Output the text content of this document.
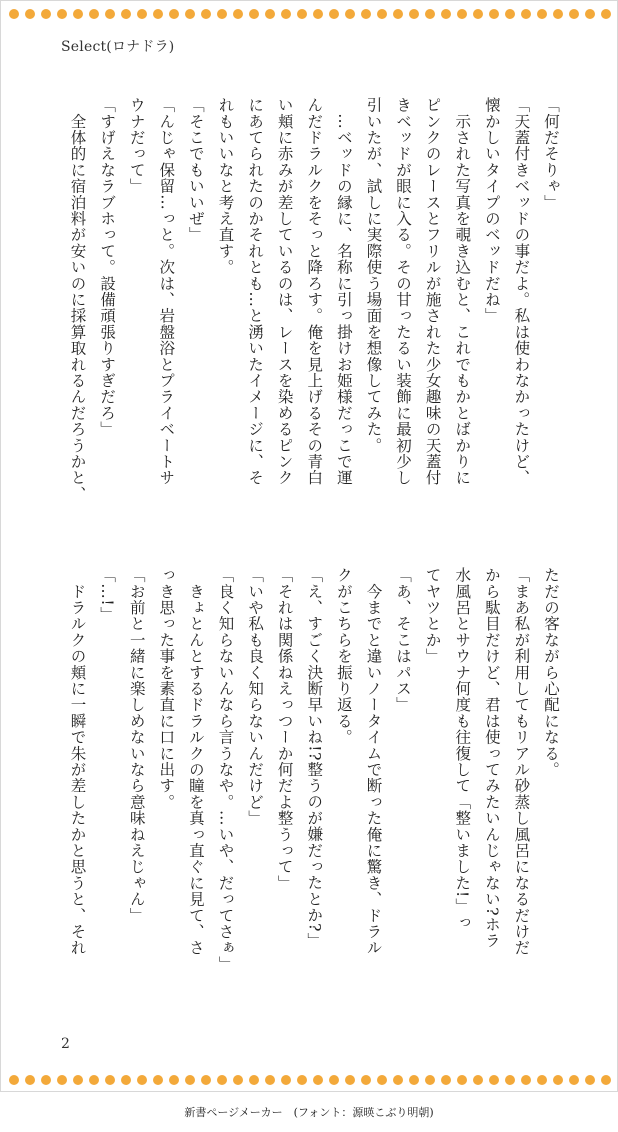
Select(ロナドラ)
「何だそりゃ」
「天蓋付きベッドの事だよ。私は使わなかったけど、
懐かしいタイプのベッドだね」
　示された写真を覗き込むと、これでもかとばかりに
ピンクのレースとフリルが施された少女趣味の天蓋付
きベッドが眼に入る。その甘ったるい装飾に最初少し
引いたが、試しに実際使う場面を想像してみた。
　…ベッドの縁に、名称に引っ掛けお姫様だっこで運
んだドラルクをそっと降ろす。俺を見上げるその青白
い頬に赤みが差しているのは、レースを染めるピンク
にあてられたのかそれとも…と湧いたイメージに、そ
れもいいなと考え直す。
「そこでもいいぜ」
「んじゃ保留…っと。次は、岩盤浴とプライベートサ
ウナだって」
「すげえなラブホって。設備頑張りすぎだろ」
　全体的に宿泊料が安いのに採算取れるんだろうかと、
ただの客ながら心配になる。
「まあ私が利用してもリアル砂蒸し風呂になるだけだ
から駄目だけど、君は使ってみたいんじゃない?ホラ
水風呂とサウナ何度も往復して「整いました!」っ
てヤツとか」
「あ、そこはパス」
　今までと違いノータイムで断った俺に驚き、ドラル
クがこちらを振り返る。
「え、すごく決断早いね!?整うのが嫌だったとか?」
「それは関係ねえっつーか何だよ整うって」
「いや私も良く知らないんだけど」
「良く知らないんなら言うなや。…いや、だってさぁ」
　きょとんとするドラルクの瞳を真っ直ぐに見て、さ
っき思った事を素直に口に出す。
「お前と一緒に楽しめないなら意味ねえじゃん」
「…!」
　ドラルクの頬に一瞬で朱が差したかと思うと、それ
2
新書ページメーカー　(フォント：源暎こぶり明朝)
